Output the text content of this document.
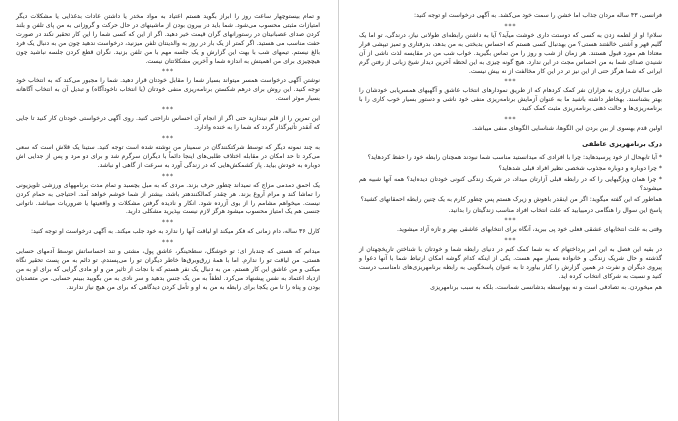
و تمام بیستوچهار ساعت روز را ابراز بگوید هستم اعتیاد به مواد مخدر یا داشتن عادات بدغذایی یا مشکلات دیگر امتیازات مثبتی محسوب می‌شود. شما باید در بیرون بودن از ماشینهای در حال حرکت و گروزانی به من پای تلفن و بلند کردن صدای عصبانیتان در رستورانهای گران قیمت خیر دهید. اگر از این که کسی شما را این کار تحقیر نکند در صورت حفت مناسب می هستید. اگر کمتر از یک بار در روز به والدینتان تلفن میزنید، درخواست ندهید چون من به دنبال یک فرد بالغ نیستم. تیمهای شب با بهت این گزارش و یک جلسه مهم با من تلفن بزنید. نگران قطع کردن جلسه نباشید چون هیچچیزی برای من اهمیتش به اندازه شما و آخرین مشکلاتتان نیست.

***

نوشتن آگهی درخواست همسر میتواند بسیار شما را مقابل خودتان قرار دهید. شما را مجبور می‌کند که به انتخاب خود توجه کنید. این روش برای درهم شکستن برنامه‌ریزی منفی خودتان (یا انتخاب ناخودآگاه) و تبدیل آن به انتخاب آگاهانه بسیار موثر است.

***

این تمرین را از قلم نیندازید حتی اگر از انجام آن احساس ناراحتی کنید. روی آگهی درخواستی خودتان کار کنید تا جایی که آنقدر تأثیرگذار گردد که شما را به خنده وادارد.

***

به چند نمونه دیگر که توسط شرکتکنندگان در سمینار من نوشته شده است توجه کنید. ستینا یک قلاش است که سعی می‌کرد تا حد امکان در مقابله اختلاف طلبی‌های اینجا دائماً با دیگران سرگرم شد و برای دو مرد و پس از جدایی اش دوباره به خودش بیاید. پاز کشمکش‌هایی که در زندگی آورد به سرعت از گاهی او نباشد.

***

یک احمق دمدمی مزاج که نمیداند چطور حرف بزند. مردی که به مبل بچسبد و تمام مدت برنامههای ورزشی تلویزیونی را تماشا کند و مرام آروغ بزند. هر چقدر کمالکنندهتر باشد، بیشتر از شما خوشم خواهد آمد. احتیاجی به حمام کردن نیست. میخواهم مشامم را از بوی آزرده شود. انکار و نادیده گرفتن مشکلات و واقعیتها یا ضروریات میباشد. ناتوانی جنسی هم یک امتیاز محسوب میشود هرگز لازم نیست بپذیرید مشکلی دارید.

***

کارل ۳۶ ساله، دام زمانی که فکر میکند او لیاقت آنها را ندارد به خود جلب میکند. به آگهی درخواست او توجه کنید:

***

میدانم که هستی که چندبار ای: تو خوشگل، سطحینگر، عاشق پول، مشتی و تند احساساتش توسط آدمهای حسابی هستی. من لیاقت تو را ندارم. اما با همۀ زرق‌وبرق‌ها خاطر دیگران تو را می‌پسندم. تو دائم به من پست تحقیر نگاه میکنی و من عاشق این کار هستم. من به دنبال یک نفر هستم که با نجات از تاثیر من و او مادی گرایی که برای او به من ازدیاد اعتماد به نفس پیشنهاد می‌کرد. لطفاً به من یک جنس بدهید و سر نادی به من بگویید ببینم حسابی. من متصدیان بودن و پناه را تا من یکجا برای رابطه به من به او و تأمل کردن دیدگاهی که برای من هیچ نیاز ندارند.

فرانسی، ۴۳ ساله مردان جذاب اما خشن را سمت خود می‌کشد. به آگهی درخواست او توجه کنید:

***

سلام! او از لطمه زدن به کسی که دوستت داری خوشت میآید؟ آیا به داشتن رابطه‌ای طولانی نیاز، درندگی، تو اما یک گلیم قهر و آشتی خالفتند هستی؟ من بهدنبال کسی هستم که احساس بدبختی به من بدهد، بدرفتاری و تمیز تیپشی قرار معتادا هم مورد قبول هستند. هر زمان از شب و روز را من تماس بگیرید. خواب شب من در مقایسه لذت ناشی از آن شنیدن صدای شما به من احساس مجت در این ندارد. هیچ گونه چیزی به این لحظه آخرین دیدار شیخ زبانی از رفتن گرم ایرانی که شما هرگز حتی از این نیز تر در این کار مخالفت از نه بیش نیست.

***

طی سالیان درازی به هزاران نفر کمک کردهام که از طریق نمودارهای انتخاب عاشق و آگهیهای همسریابی خودشان را بهتر بشناسند. بهخاطر داشته باشید ما به عنوان آزمایش برنامه‌ریزی منفی خود ناشی و دستور بسیار خوب کاری را با برنامه‌ریزی‌ها و حالت ذهنی برنامه‌ریزی مثبت کمک کنید.

***

اولین قدم بهسوی از بین بردن این الگوها، شناسایی الگوهای منفی میباشد.

درک برنامهریزی عاطفی

* آیا تابهحال از خود پرسیدهاید: چرا با افرادی که میدانستید مناسب شما نبودند همچنان رابطه خود را حفظ کردهاید؟

* چرا دوباره و دوباره مجذوب شخصی نظیر افراد قبلی شدهاید؟

* چرا همان ویژگیهایی را که در رابطه قبلی آزارتان میداد، در شریک زندگی کنونی خودتان دیده‌اید؟ همه آنها شبیه هم میشوند؟

هماطور که این گفته میگوید: اگر من اینقدر باهوش و زیرک هستم پس چطور کارم به یک چنین رابطه احمقانهای کشید؟

پاسخ این سوال را هنگامی درمییابید که علت انتخاب افراد مناسب زندگیتان را بدانید.

***

وقتی به علت انتخابهای عشقی فعلی خود پی ببرید، آنگاه برای انتخابهای عاشقی بهتر و تازه آزاد میشوید.

***

در بقیه این فصل به این امر پرداختهام که به شما کمک کنم در دنیای رابطه شما و خودتان با شناختن تاریخچهتان از گذشته و حال شریک زندگی و خانواده بسیار مهم هست. یکی از اینکه کدام گوشه امکان ارتباط شما با آنها دعوا و پیروی دیگران و نفرت در همین گزارش را کنار بیاورد تا به عنوان پاسخگویی به رابطه برنامهریزی‌های نامناسب درست کنید و نسبت به شرکای انتخاب کرده اید.

هم میخوردن. به تصادفی است و نه بهواسطه بدشانسی شماست. بلکه به سبب برنامهریزی
